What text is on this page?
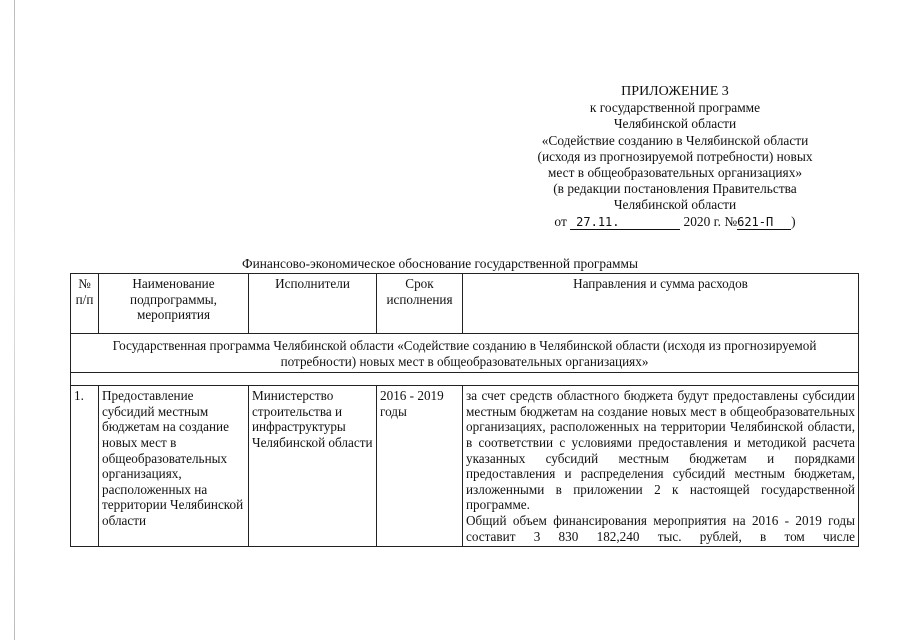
ПРИЛОЖЕНИЕ 3
к государственной программе
Челябинской области
«Содействие созданию в Челябинской области
(исходя из прогнозируемой потребности) новых
мест в общеобразовательных организациях»
(в редакции постановления Правительства
Челябинской области
от 27.11.	2020 г. №621-П )
Финансово-экономическое обоснование государственной программы
№ п/п	Наименование подпрограммы, мероприятия	Исполнители	Срок исполнения	Направления и сумма расходов
Государственная программа Челябинской области «Содействие созданию в Челябинской области (исходя из прогнозируемой потребности) новых мест в общеобразовательных организациях»				

1.	Предоставление субсидий местным бюджетам на создание новых мест в общеобразовательных организациях, расположенных на территории Челябинской области	Министерство строительства и инфраструктуры Челябинской области	2016 - 2019 годы	за счет средств областного бюджета будут предоставлены субсидии местным бюджетам на создание новых мест в общеобразовательных организациях, расположенных на территории Челябинской области, в соответствии с условиями предоставления и методикой расчета указанных субсидий местным бюджетам и порядками предоставления и распределения субсидий местным бюджетам, изложенными в приложении 2 к настоящей государственной программе.

Общий объем финансирования мероприятия на 2016 - 2019 годы составит 3 830 182,240 тыс. рублей, в том числе
